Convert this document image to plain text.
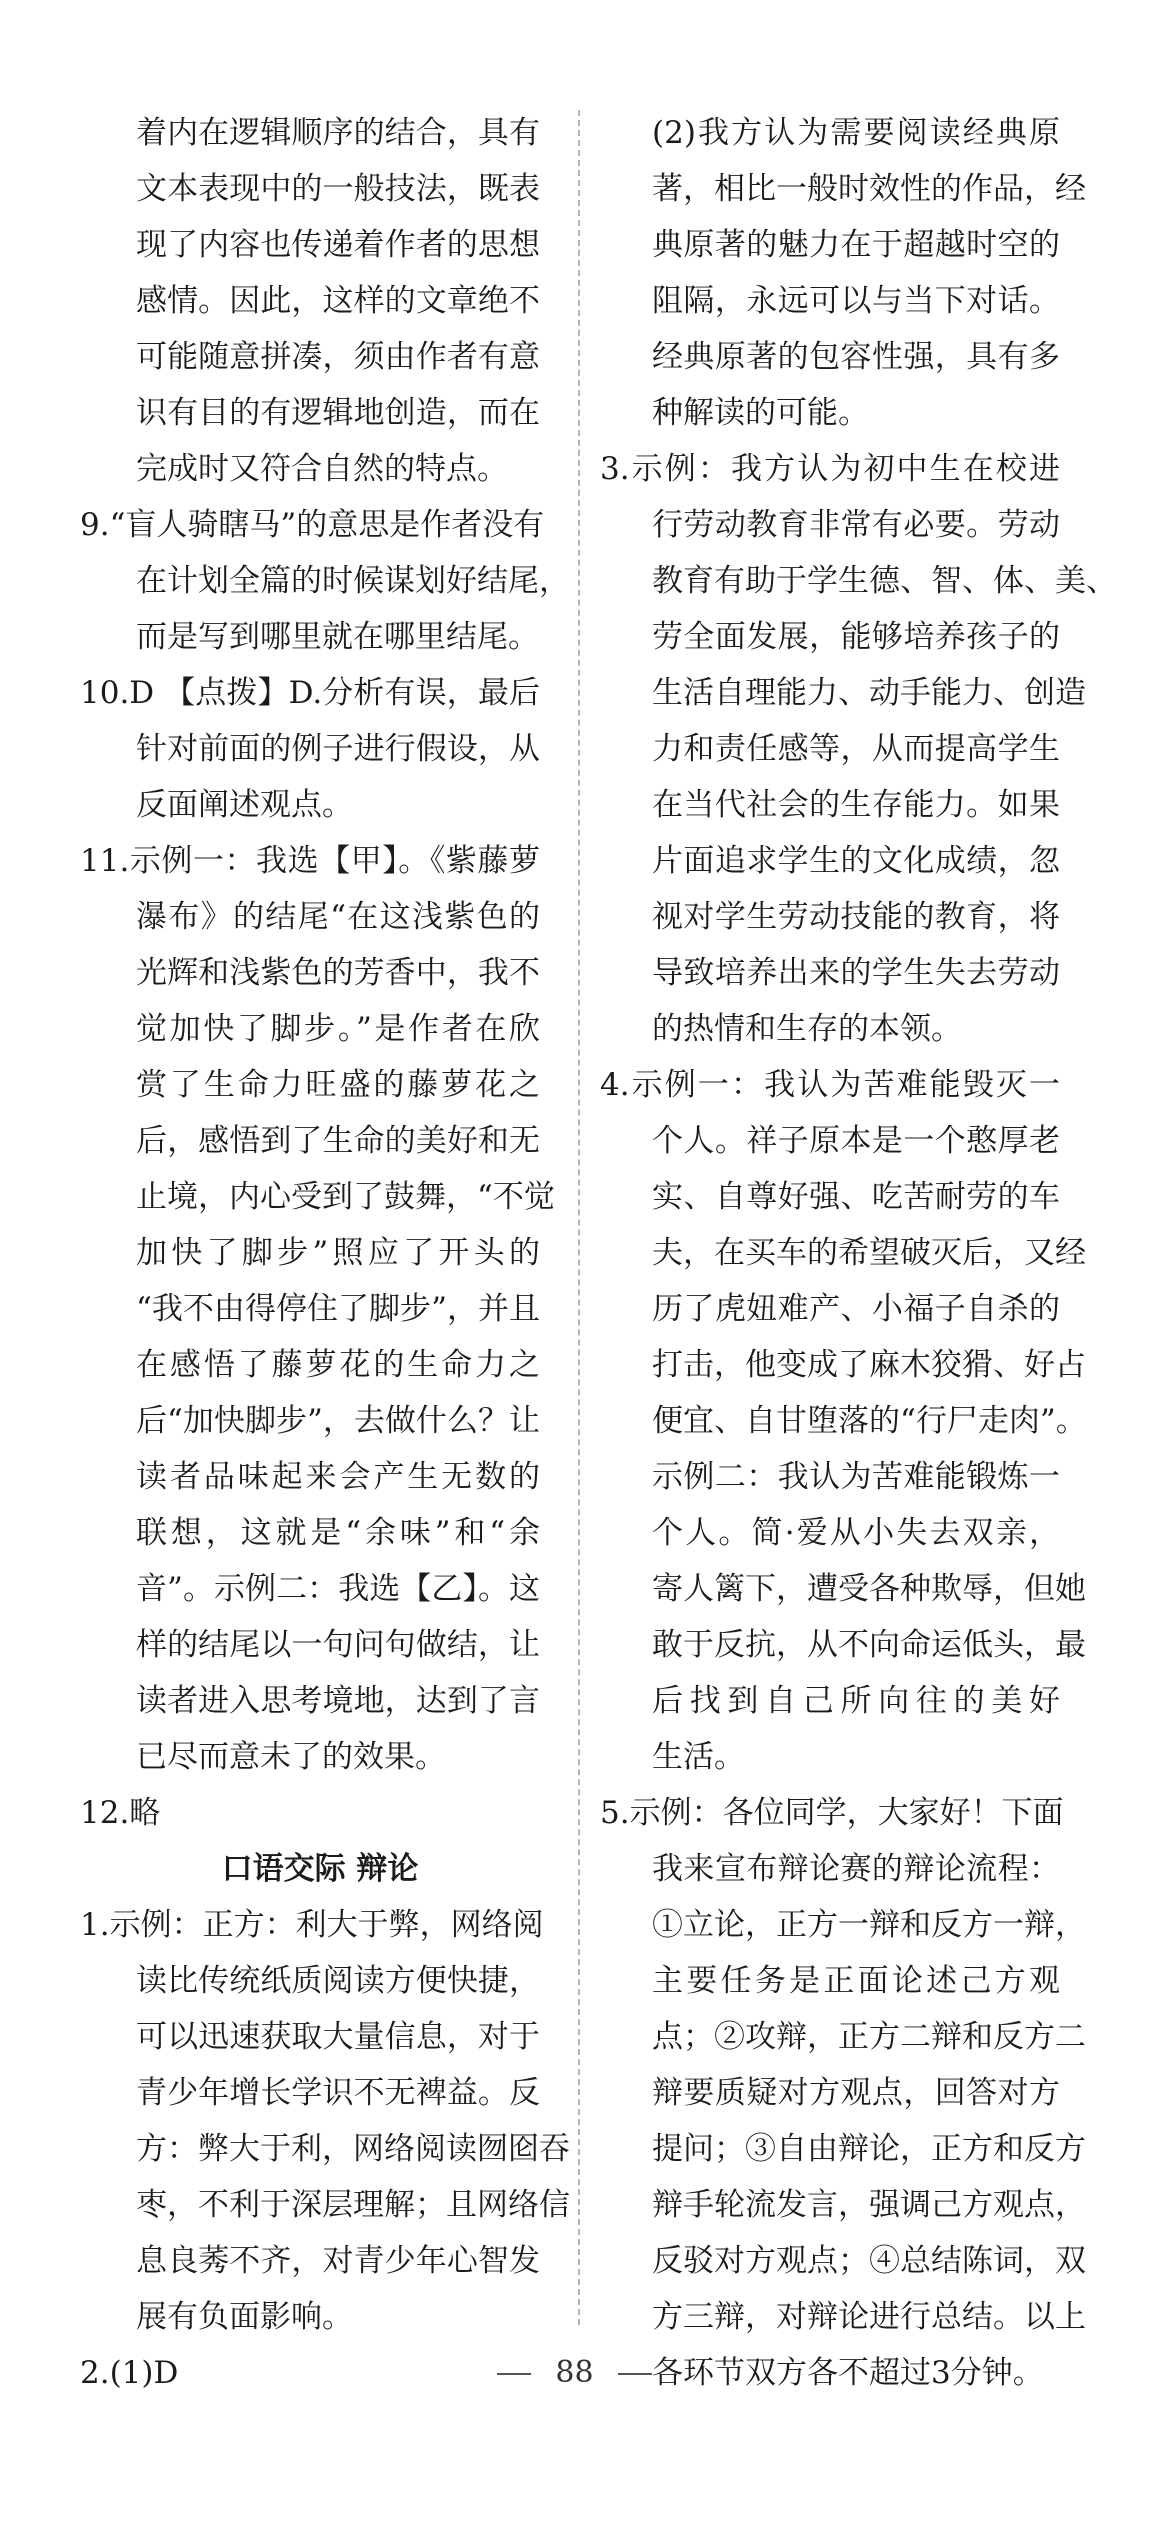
着内在逻辑顺序的结合，具有
文本表现中的一般技法，既表
现了内容也传递着作者的思想
感情。因此，这样的文章绝不
可能随意拼凑，须由作者有意
识有目的有逻辑地创造，而在
完成时又符合自然的特点。
9.“盲人骑瞎马”的意思是作者没有
在计划全篇的时候谋划好结尾，
而是写到哪里就在哪里结尾。
10.D 【点拨】D.分析有误，最后
针对前面的例子进行假设，从
反面阐述观点。
11.示例一：我选【甲】。《紫藤萝
瀑布》的结尾“在这浅紫色的
光辉和浅紫色的芳香中，我不
觉加快了脚步。”是作者在欣
赏了生命力旺盛的藤萝花之
后，感悟到了生命的美好和无
止境，内心受到了鼓舞，“不觉
加快了脚步”照应了开头的
“我不由得停住了脚步”，并且
在感悟了藤萝花的生命力之
后“加快脚步”，去做什么？让
读者品味起来会产生无数的
联想，这就是“余味”和“余
音”。示例二：我选【乙】。这
样的结尾以一句问句做结，让
读者进入思考境地，达到了言
已尽而意未了的效果。
12.略
口语交际 辩论
1.示例：正方：利大于弊，网络阅
读比传统纸质阅读方便快捷，
可以迅速获取大量信息，对于
青少年增长学识不无裨益。反
方：弊大于利，网络阅读囫囵吞
枣，不利于深层理解；且网络信
息良莠不齐，对青少年心智发
展有负面影响。
2.(1)D
(2)我方认为需要阅读经典原
著，相比一般时效性的作品，经
典原著的魅力在于超越时空的
阻隔，永远可以与当下对话。
经典原著的包容性强，具有多
种解读的可能。
3.示例：我方认为初中生在校进
行劳动教育非常有必要。劳动
教育有助于学生德、智、体、美、
劳全面发展，能够培养孩子的
生活自理能力、动手能力、创造
力和责任感等，从而提高学生
在当代社会的生存能力。如果
片面追求学生的文化成绩，忽
视对学生劳动技能的教育，将
导致培养出来的学生失去劳动
的热情和生存的本领。
4.示例一：我认为苦难能毁灭一
个人。祥子原本是一个憨厚老
实、自尊好强、吃苦耐劳的车
夫，在买车的希望破灭后，又经
历了虎妞难产、小福子自杀的
打击，他变成了麻木狡猾、好占
便宜、自甘堕落的“行尸走肉”。
示例二：我认为苦难能锻炼一
个人。简·爱从小失去双亲，
寄人篱下，遭受各种欺辱，但她
敢于反抗，从不向命运低头，最
后找到自己所向往的美好
生活。
5.示例：各位同学，大家好！下面
我来宣布辩论赛的辩论流程：
①立论，正方一辩和反方一辩，
主要任务是正面论述己方观
点；②攻辩，正方二辩和反方二
辩要质疑对方观点，回答对方
提问；③自由辩论，正方和反方
辩手轮流发言，强调己方观点，
反驳对方观点；④总结陈词，双
方三辩，对辩论进行总结。以上
各环节双方各不超过3分钟。
88
